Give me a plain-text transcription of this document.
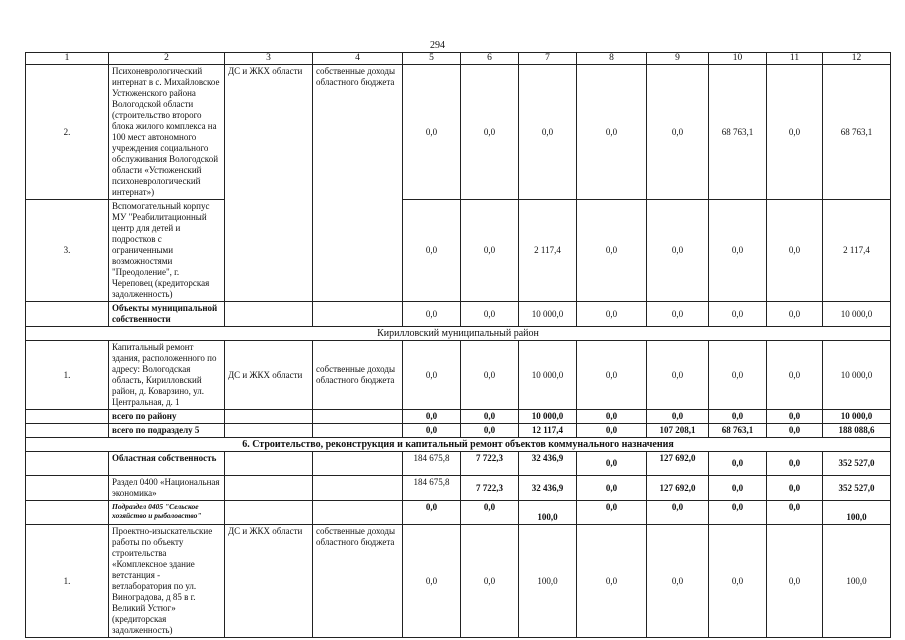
294
1	2	3	4	5	6	7	8	9	10	11	12
2.	Психоневрологический интернат в с. Михайловское Устюженского района Вологодской области (строительство второго блока жилого комплекса на 100 мест автономного учреждения социального обслуживания Вологодской области «Устюженский психоневрологический интернат»)	ДС и ЖКХ области	собственные доходы областного бюджета	0,0	0,0	0,0	0,0	0,0	68 763,1	0,0	68 763,1
3.	Вспомогательный корпус МУ "Реабилитационный центр для детей и подростков с ограниченными возможностями "Преодоление", г. Череповец (кредиторская задолженность)			0,0	0,0	2 117,4	0,0	0,0	0,0	0,0	2 117,4
	Объекты муниципальной собственности			0,0	0,0	10 000,0	0,0	0,0	0,0	0,0	10 000,0
Кирилловский муниципальный район											
1.	Капитальный ремонт здания, расположенного по адресу: Вологодская область, Кирилловский район, д. Коварзино, ул. Центральная, д. 1	ДС и ЖКХ области	собственные доходы областного бюджета	0,0	0,0	10 000,0	0,0	0,0	0,0	0,0	10 000,0
	всего по району			0,0	0,0	10 000,0	0,0	0,0	0,0	0,0	10 000,0
	всего по подразделу 5			0,0	0,0	12 117,4	0,0	107 208,1	68 763,1	0,0	188 088,6
6. Строительство, реконструкция и капитальный ремонт объектов коммунального назначения											
	Областная собственность			184 675,8	7 722,3	32 436,9	0,0	127 692,0	0,0	0,0	352 527,0
	Раздел 0400 «Национальная экономика»			184 675,8	7 722,3	32 436,9	0,0	127 692,0	0,0	0,0	352 527,0
	Подраздел 0405 "Сельское хозяйство и рыболовство"			0,0	0,0	100,0	0,0	0,0	0,0	0,0	100,0
1.	Проектно-изыскательские работы по объекту строительства «Комплексное здание ветстанция - ветлаборатория по ул. Виноградова, д 85 в г. Великий Устюг» (кредиторская задолженность)	ДС и ЖКХ области	собственные доходы областного бюджета	0,0	0,0	100,0	0,0	0,0	0,0	0,0	100,0
